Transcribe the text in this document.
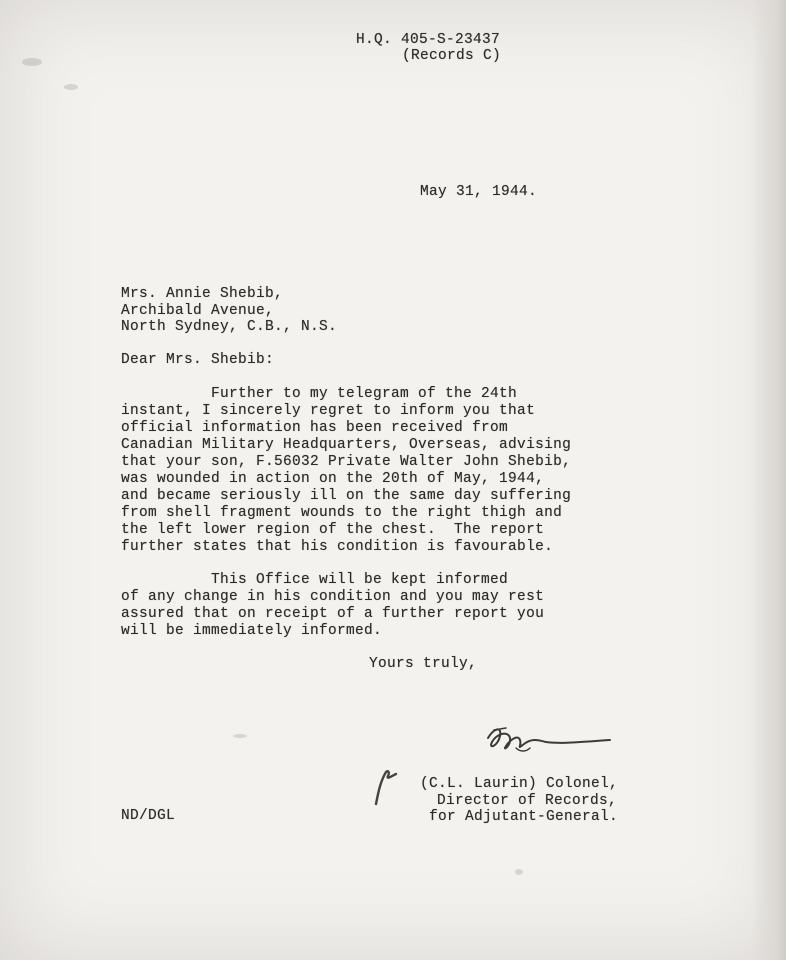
H.Q. 405-S-23437

(Records C)

May 31, 1944.

Mrs. Annie Shebib,

Archibald Avenue,

North Sydney, C.B., N.S.

Dear Mrs. Shebib:

Further to my telegram of the 24th

instant, I sincerely regret to inform you that

official information has been received from

Canadian Military Headquarters, Overseas, advising

that your son, F.56032 Private Walter John Shebib,

was wounded in action on the 20th of May, 1944,

and became seriously ill on the same day suffering

from shell fragment wounds to the right thigh and

the left lower region of the chest.  The report

further states that his condition is favourable.

This Office will be kept informed

of any change in his condition and you may rest

assured that on receipt of a further report you

will be immediately informed.

Yours truly,

(C.L. Laurin) Colonel,

Director of Records,

for Adjutant-General.

ND/DGL
